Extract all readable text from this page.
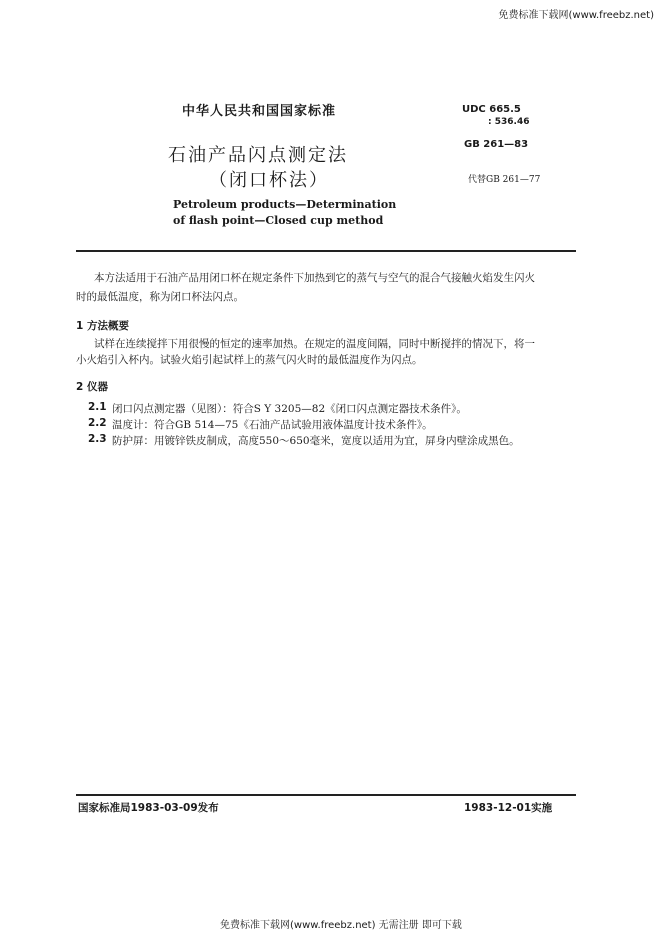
免费标准下载网(www.freebz.net)
中华人民共和国国家标准	UDC 665.5
: 536.46
GB 261—83
代替GB 261—77
石油产品闪点测定法
（闭口杯法）
Petroleum products—Determination
of flash point—Closed cup method
本方法适用于石油产品用闭口杯在规定条件下加热到它的蒸气与空气的混合气接触火焰发生闪火
时的最低温度，称为闭口杯法闪点。
1 方法概要
试样在连续搅拌下用很慢的恒定的速率加热。在规定的温度间隔，同时中断搅拌的情况下，将一
小火焰引入杯内。试验火焰引起试样上的蒸气闪火时的最低温度作为闪点。
2 仪器
2.1 闭口闪点测定器（见图）：符合S Y 3205—82《闭口闪点测定器技术条件》。
2.2 温度计：符合GB 514—75《石油产品试验用液体温度计技术条件》。
2.3 防护屏：用镀锌铁皮制成，高度550～650毫米，宽度以适用为宜，屏身内壁涂成黑色。
国家标准局1983-03-09发布	1983-12-01实施
免费标准下载网(www.freebz.net) 无需注册 即可下载
